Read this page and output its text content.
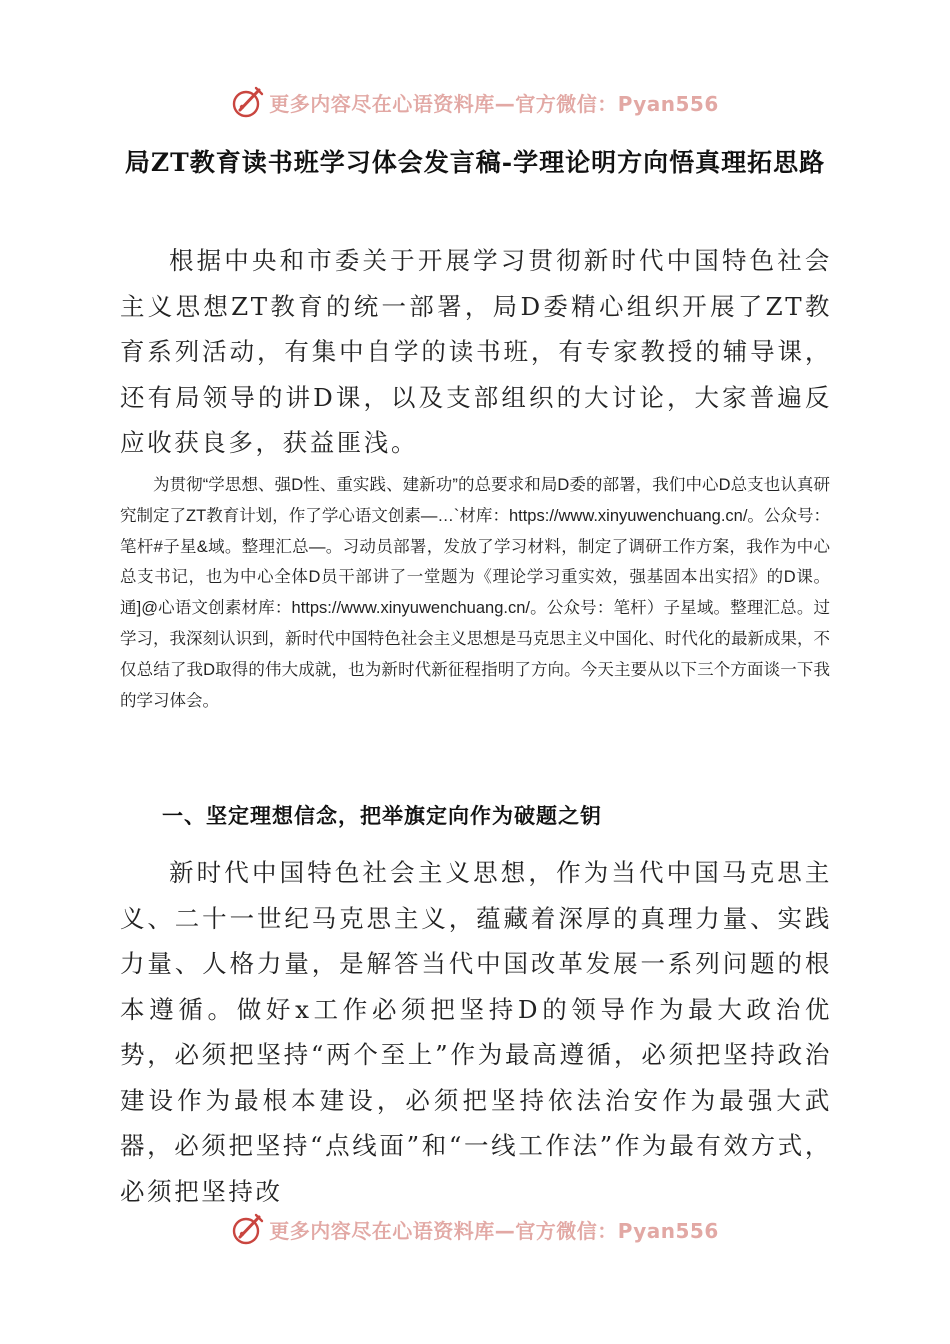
更多内容尽在心语资料库—官方微信：Pyan556
局ZT教育读书班学习体会发言稿-学理论明方向悟真理拓思路

根据中央和市委关于开展学习贯彻新时代中国特色社会主义思想ZT教育的统一部署，局D委精心组织开展了ZT教育系列活动，有集中自学的读书班，有专家教授的辅导课，还有局领导的讲D课，以及支部组织的大讨论，大家普遍反应收获良多，获益匪浅。

为贯彻“学思想、强D性、重实践、建新功”的总要求和局D委的部署，我们中心D总支也认真研究制定了ZT教育计划，作了学心语文创素—…`材库：https://www.xinyuwenchuang.cn/。公众号：笔杆#子星&域。整理汇总—。习动员部署，发放了学习材料，制定了调研工作方案，我作为中心总支书记，也为中心全体D员干部讲了一堂题为《理论学习重实效，强基固本出实招》的D课。通]@心语文创素材库：https://www.xinyuwenchuang.cn/。公众号：笔杆）子星域。整理汇总。过学习，我深刻认识到，新时代中国特色社会主义思想是马克思主义中国化、时代化的最新成果，不仅总结了我D取得的伟大成就，也为新时代新征程指明了方向。今天主要从以下三个方面谈一下我的学习体会。

一、坚定理想信念，把举旗定向作为破题之钥

新时代中国特色社会主义思想，作为当代中国马克思主义、二十一世纪马克思主义，蕴藏着深厚的真理力量、实践力量、人格力量，是解答当代中国改革发展一系列问题的根本遵循。做好x工作必须把坚持D的领导作为最大政治优势，必须把坚持“两个至上”作为最高遵循，必须把坚持政治建设作为最根本建设，必须把坚持依法治安作为最强大武器，必须把坚持“点线面”和“一线工作法”作为最有效方式，必须把坚持改

更多内容尽在心语资料库—官方微信：Pyan556
